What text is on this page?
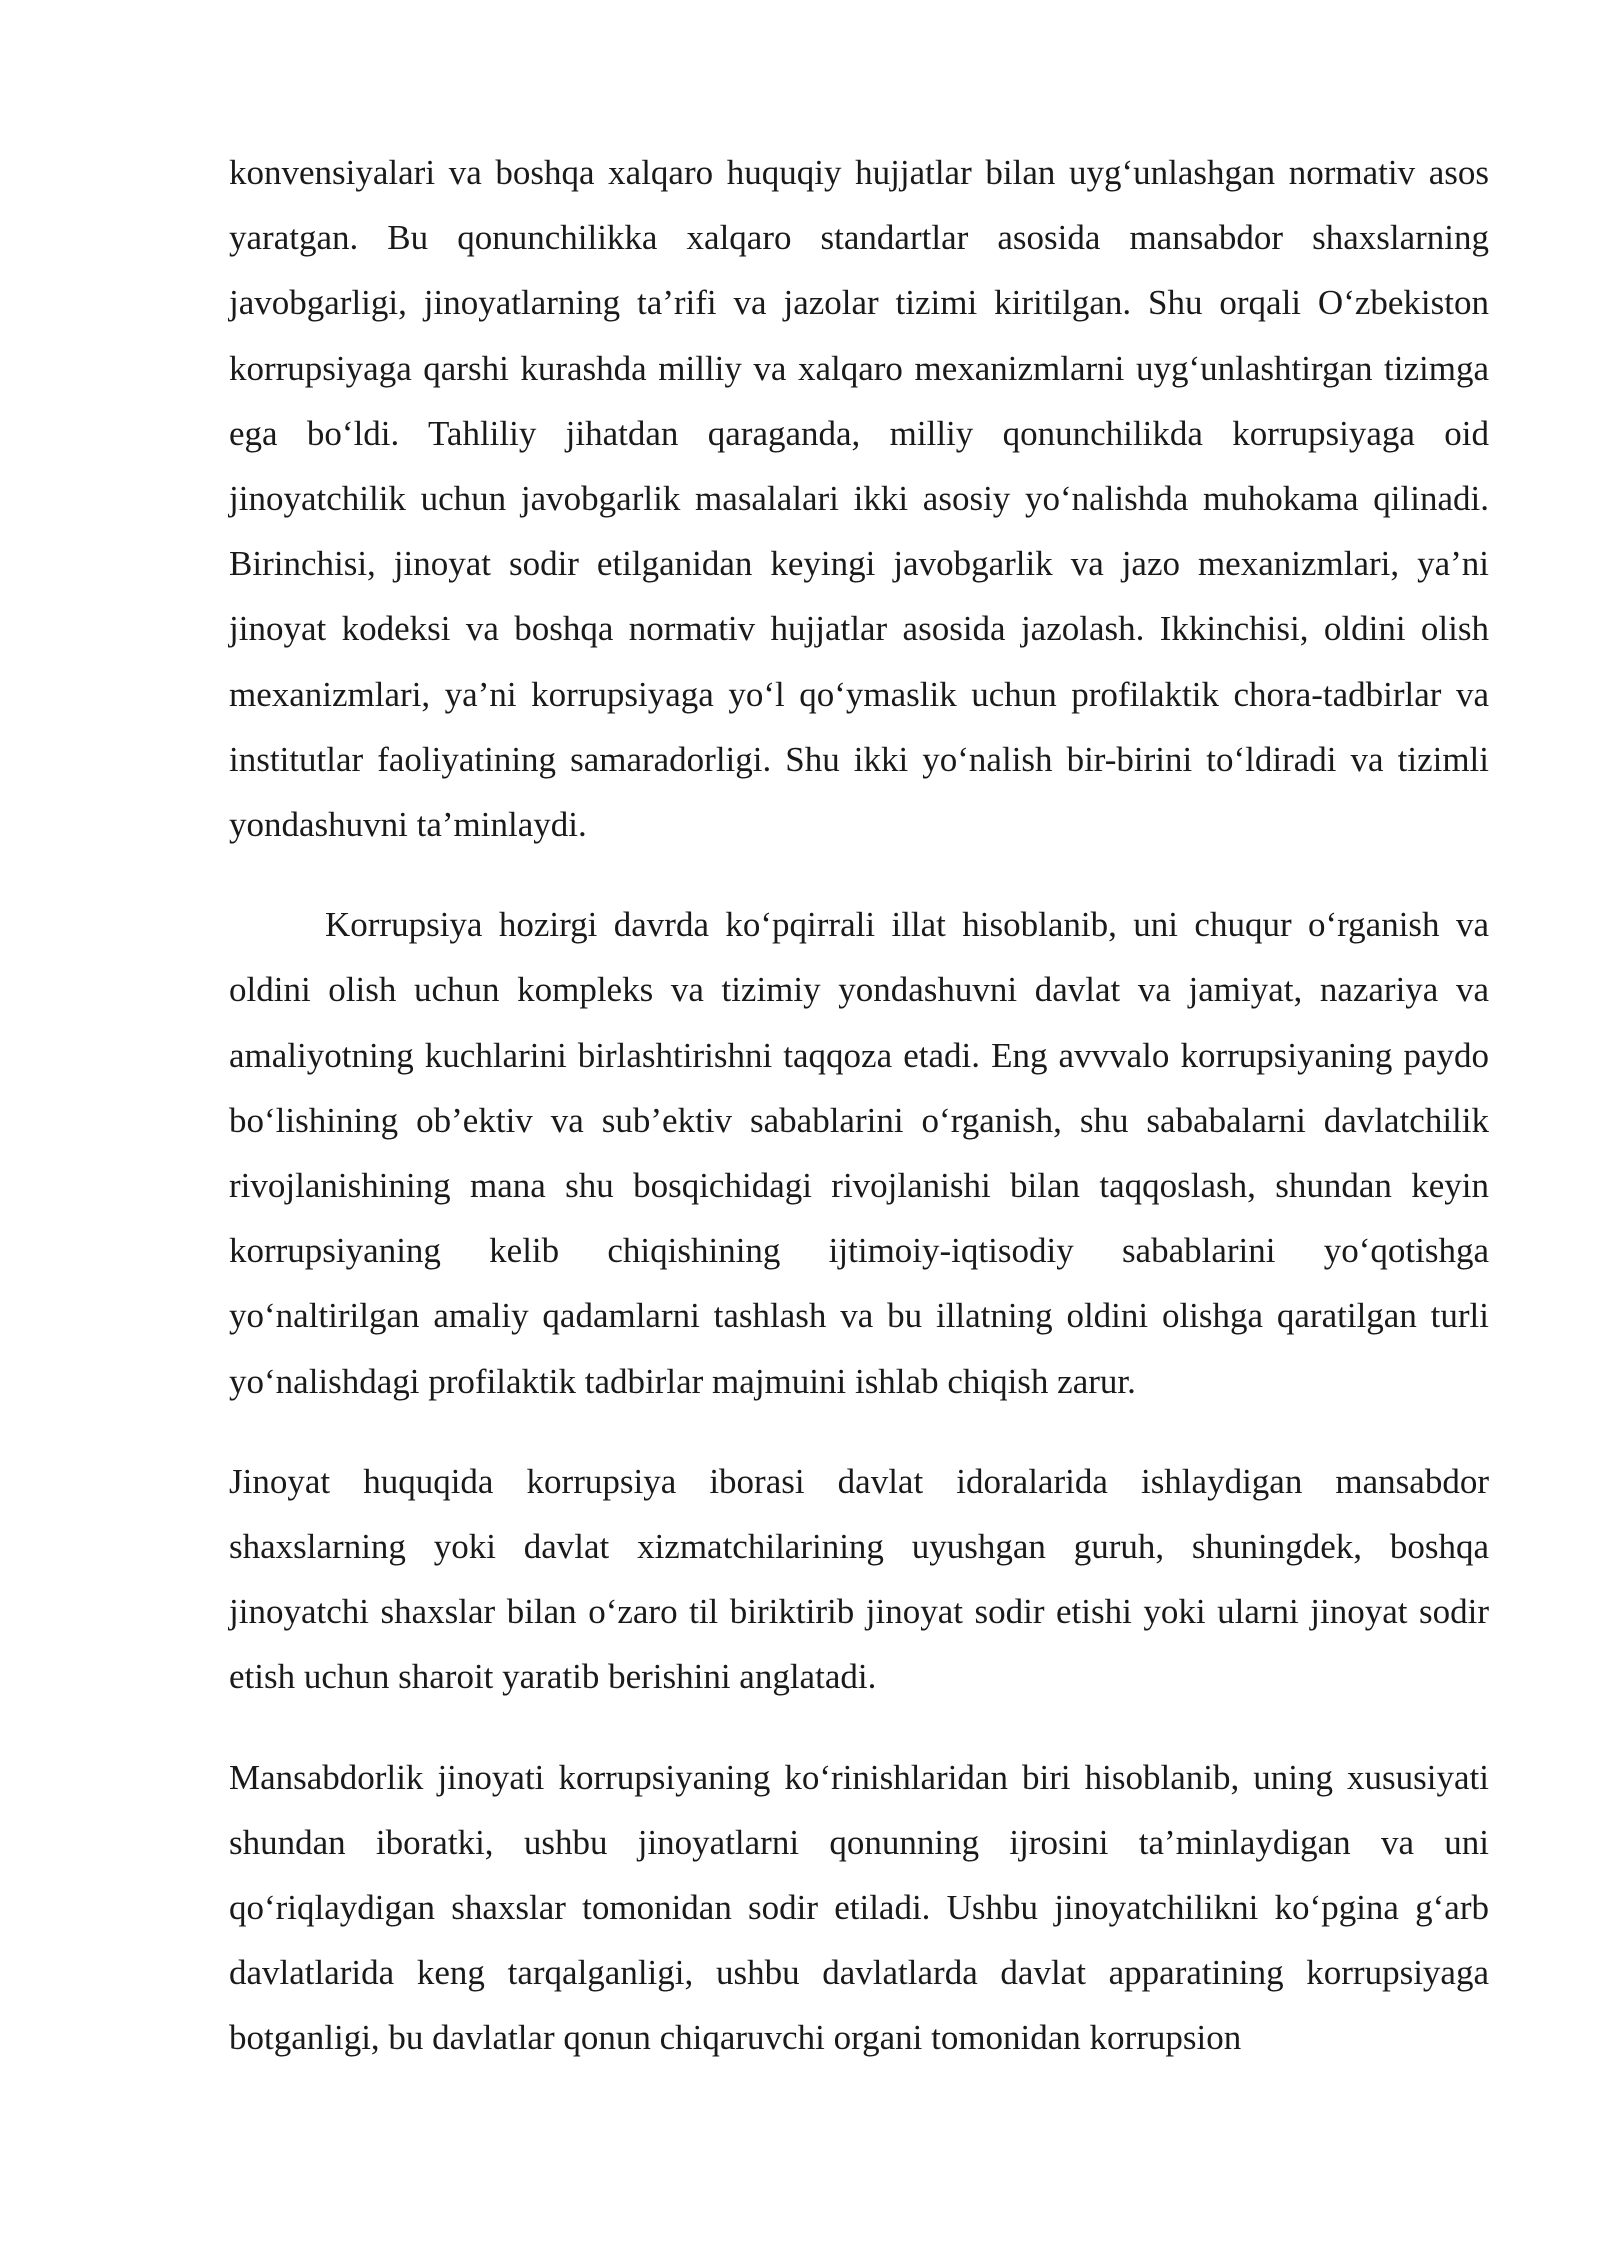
konvensiyalari va boshqa xalqaro huquqiy hujjatlar bilan uyg‘unlashgan normativ asos yaratgan. Bu qonunchilikka xalqaro standartlar asosida mansabdor shaxslarning javobgarligi, jinoyatlarning ta’rifi va jazolar tizimi kiritilgan. Shu orqali O‘zbekiston korrupsiyaga qarshi kurashda milliy va xalqaro mexanizmlarni uyg‘unlashtirgan tizimga ega bo‘ldi. Tahliliy jihatdan qaraganda, milliy qonunchilikda korrupsiyaga oid jinoyatchilik uchun javobgarlik masalalari ikki asosiy yo‘nalishda muhokama qilinadi. Birinchisi, jinoyat sodir etilganidan keyingi javobgarlik va jazo mexanizmlari, ya’ni jinoyat kodeksi va boshqa normativ hujjatlar asosida jazolash. Ikkinchisi, oldini olish mexanizmlari, ya’ni korrupsiyaga yo‘l qo‘ymaslik uchun profilaktik chora-tadbirlar va institutlar faoliyatining samaradorligi. Shu ikki yo‘nalish bir-birini to‘ldiradi va tizimli yondashuvni ta’minlaydi.

Korrupsiya hozirgi davrda ko‘pqirrali illat hisoblanib, uni chuqur o‘rganish va oldini olish uchun kompleks va tizimiy yondashuvni davlat va jamiyat, nazariya va amaliyotning kuchlarini birlashtirishni taqqoza etadi. Eng avvvalo korrupsiyaning paydo bo‘lishining ob’ektiv va sub’ektiv sabablarini o‘rganish, shu sababalarni davlatchilik rivojlanishining mana shu bosqichidagi rivojlanishi bilan taqqoslash, shundan keyin korrupsiyaning kelib chiqishining ijtimoiy-iqtisodiy sabablarini yo‘qotishga yo‘naltirilgan amaliy qadamlarni tashlash va bu illatning oldini olishga qaratilgan turli yo‘nalishdagi profilaktik tadbirlar majmuini ishlab chiqish zarur.

Jinoyat huquqida korrupsiya iborasi davlat idoralarida ishlaydigan mansabdor shaxslarning yoki davlat xizmatchilarining uyushgan guruh, shuningdek, boshqa jinoyatchi shaxslar bilan o‘zaro til biriktirib jinoyat sodir etishi yoki ularni jinoyat sodir etish uchun sharoit yaratib berishini anglatadi.

Mansabdorlik jinoyati korrupsiyaning ko‘rinishlaridan biri hisoblanib, uning xususiyati shundan iboratki, ushbu jinoyatlarni qonunning ijrosini ta’minlaydigan va uni qo‘riqlaydigan shaxslar tomonidan sodir etiladi. Ushbu jinoyatchilikni ko‘pgina g‘arb davlatlarida keng tarqalganligi, ushbu davlatlarda davlat apparatining korrupsiyaga botganligi, bu davlatlar qonun chiqaruvchi organi tomonidan korrupsion
